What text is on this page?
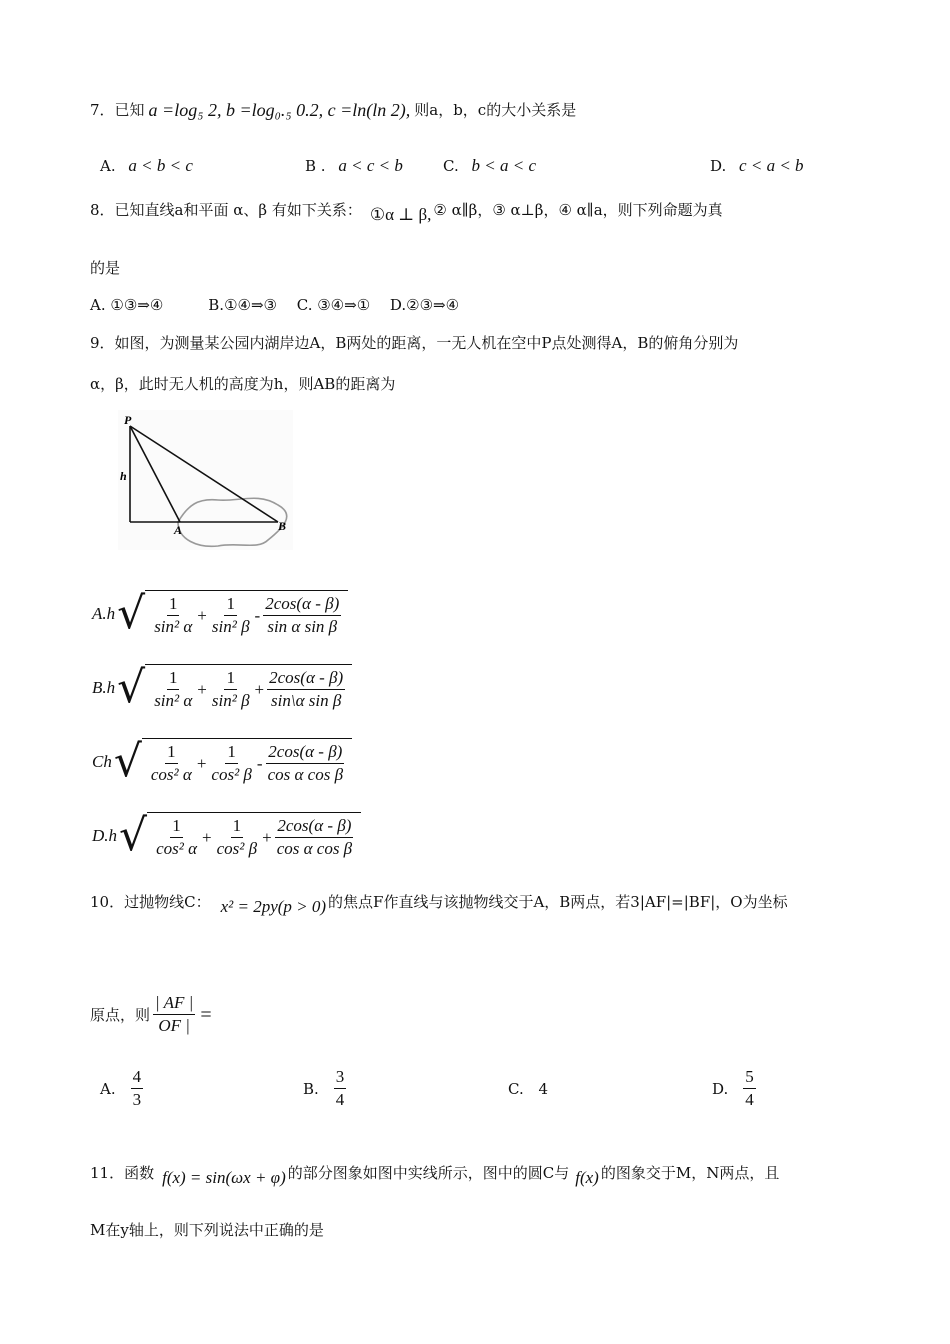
7．已知 a =log₅ 2, b =log₀.₅ 0.2, c =ln(ln 2), 则a，b，c的大小关系是
A. a < b < c	B . a < c < b	C. b < a < c	D. c < a < b
8．已知直线a和平面 α、β 有如下关系： ①α ⊥ β, ② α∥β，③ α⊥β，④ α∥a，则下列命题为真
的是
A. ①③⇒④　　　B.①④⇒③　 C. ③④⇒①　 D.②③⇒④
9．如图，为测量某公园内湖岸边A，B两处的距离，一无人机在空中P点处测得A，B的俯角分别为
α，β，此时无人机的高度为h，则AB的距离为
P
h
A	B
A.h √ $\frac{1}{\text{sin² α}} + \frac{1}{\text{sin² β}} - \frac{2\cos(\alpha - \beta)}{\text{sin α sin β}}$
B.h √ $\frac{1}{\text{sin² α}} + \frac{1}{\text{sin² β}} + \frac{2\cos(\alpha - \beta)}{\text{sin\textbackslash{}α sin β}}$
Ch √ $\frac{1}{\text{cos² α}} + \frac{1}{\text{cos² β}} - \frac{2\cos(\alpha - \beta)}{\text{cos α cos β}}$
D.h √ $\frac{1}{\text{cos² α}} + \frac{1}{\text{cos² β}} + \frac{2\cos(\alpha - \beta)}{\text{cos α cos β}}$
10．过抛物线C： x² = 2py(p > 0) 的焦点F作直线与该抛物线交于A，B两点，若3|AF|=|BF|，O为坐标
原点，则 $\frac{| AF |}{OF |}$ =
A. $\frac{4}{3}$	B. $\frac{3}{4}$	C. 4	D. $\frac{5}{4}$
11．函数 f(x) = sin(ωx + φ) 的部分图象如图中实线所示，图中的圆C与 f(x) 的图象交于M，N两点，且
M在y轴上，则下列说法中正确的是
